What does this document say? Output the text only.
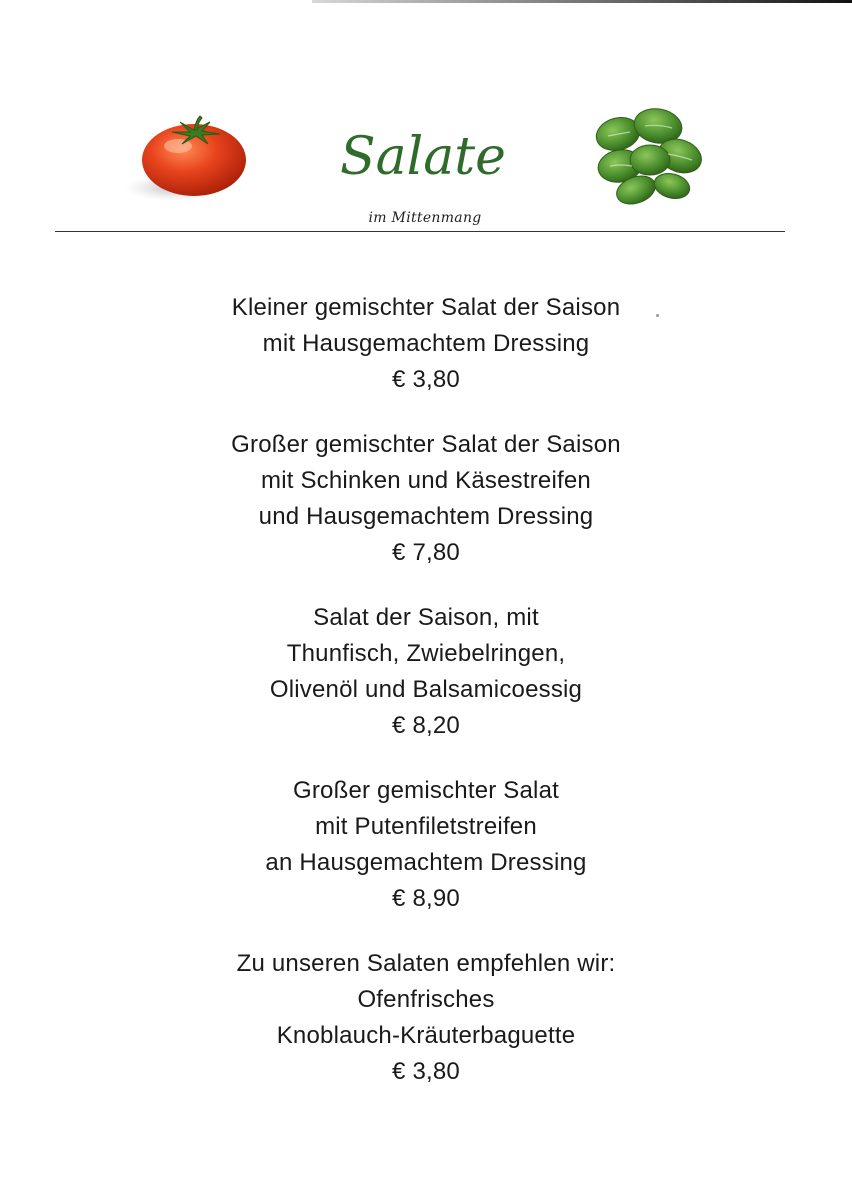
Salate
im Mittenmang
Kleiner gemischter Salat der Saison
mit Hausgemachtem Dressing
€ 3,80
Großer gemischter Salat der Saison
mit Schinken und Käsestreifen
und Hausgemachtem Dressing
€ 7,80
Salat der Saison, mit
Thunfisch, Zwiebelringen,
Olivenöl und Balsamicoessig
€ 8,20
Großer gemischter Salat
mit Putenfiletstreifen
an Hausgemachtem Dressing
€ 8,90
Zu unseren Salaten empfehlen wir:
Ofenfrisches
Knoblauch-Kräuterbaguette
€ 3,80
